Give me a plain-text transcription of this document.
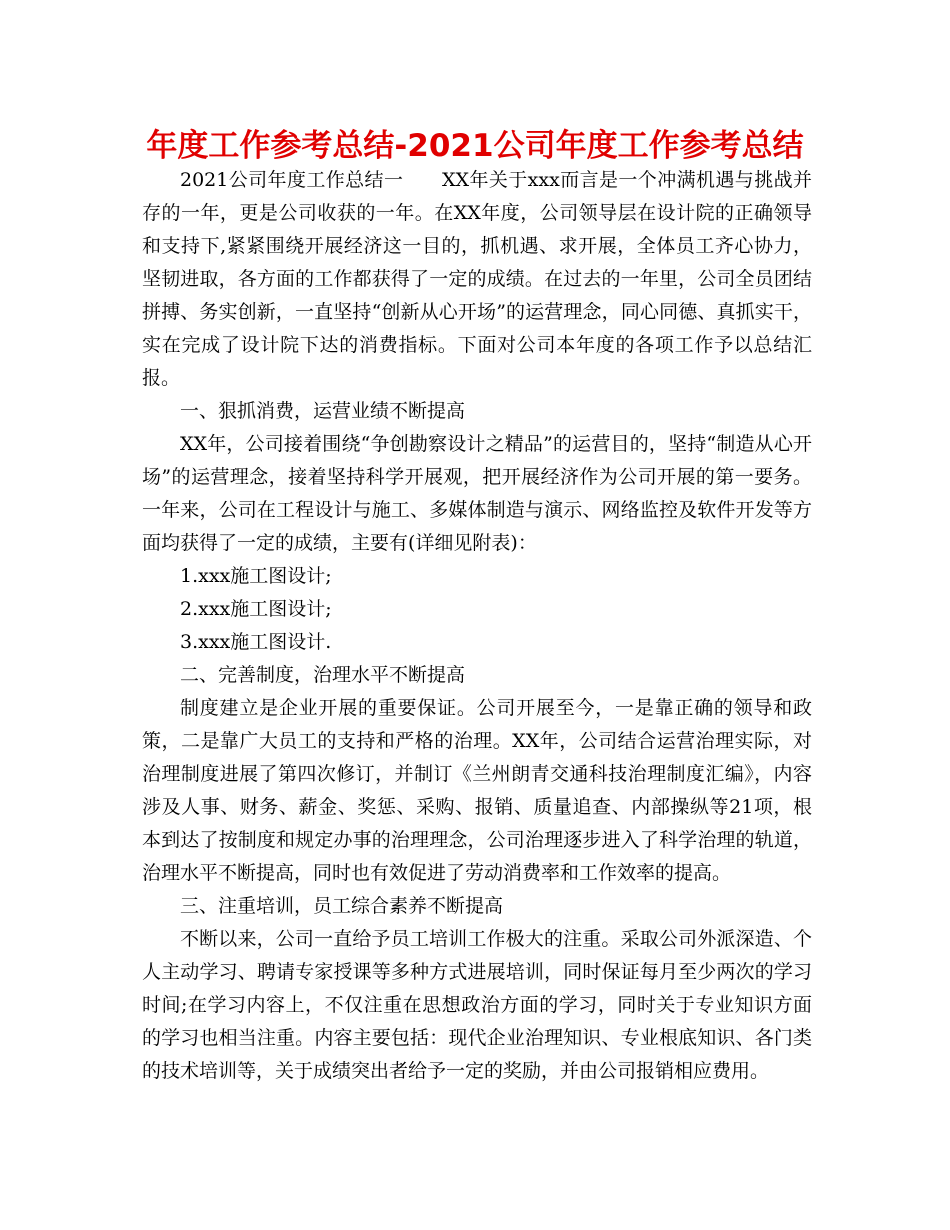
年度工作参考总结-2021公司年度工作参考总结

2021公司年度工作总结一      XX年关于xxx而言是一个冲满机遇与挑战并存的一年，更是公司收获的一年。在XX年度，公司领导层在设计院的正确领导和支持下,紧紧围绕开展经济这一目的，抓机遇、求开展，全体员工齐心协力，坚韧进取，各方面的工作都获得了一定的成绩。在过去的一年里，公司全员团结拼搏、务实创新，一直坚持“创新从心开场”的运营理念，同心同德、真抓实干，实在完成了设计院下达的消费指标。下面对公司本年度的各项工作予以总结汇报。

一、狠抓消费，运营业绩不断提高

XX年，公司接着围绕“争创勘察设计之精品”的运营目的，坚持“制造从心开场”的运营理念，接着坚持科学开展观，把开展经济作为公司开展的第一要务。一年来，公司在工程设计与施工、多媒体制造与演示、网络监控及软件开发等方面均获得了一定的成绩，主要有(详细见附表)：

1.xxx施工图设计;

2.xxx施工图设计;

3.xxx施工图设计.

二、完善制度，治理水平不断提高

制度建立是企业开展的重要保证。公司开展至今，一是靠正确的领导和政策，二是靠广大员工的支持和严格的治理。XX年，公司结合运营治理实际，对治理制度进展了第四次修订，并制订《兰州朗青交通科技治理制度汇编》，内容涉及人事、财务、薪金、奖惩、采购、报销、质量追查、内部操纵等21项，根本到达了按制度和规定办事的治理理念，公司治理逐步进入了科学治理的轨道，治理水平不断提高，同时也有效促进了劳动消费率和工作效率的提高。

三、注重培训，员工综合素养不断提高

不断以来，公司一直给予员工培训工作极大的注重。采取公司外派深造、个人主动学习、聘请专家授课等多种方式进展培训，同时保证每月至少两次的学习时间;在学习内容上，不仅注重在思想政治方面的学习，同时关于专业知识方面的学习也相当注重。内容主要包括：现代企业治理知识、专业根底知识、各门类的技术培训等，关于成绩突出者给予一定的奖励，并由公司报销相应费用。
